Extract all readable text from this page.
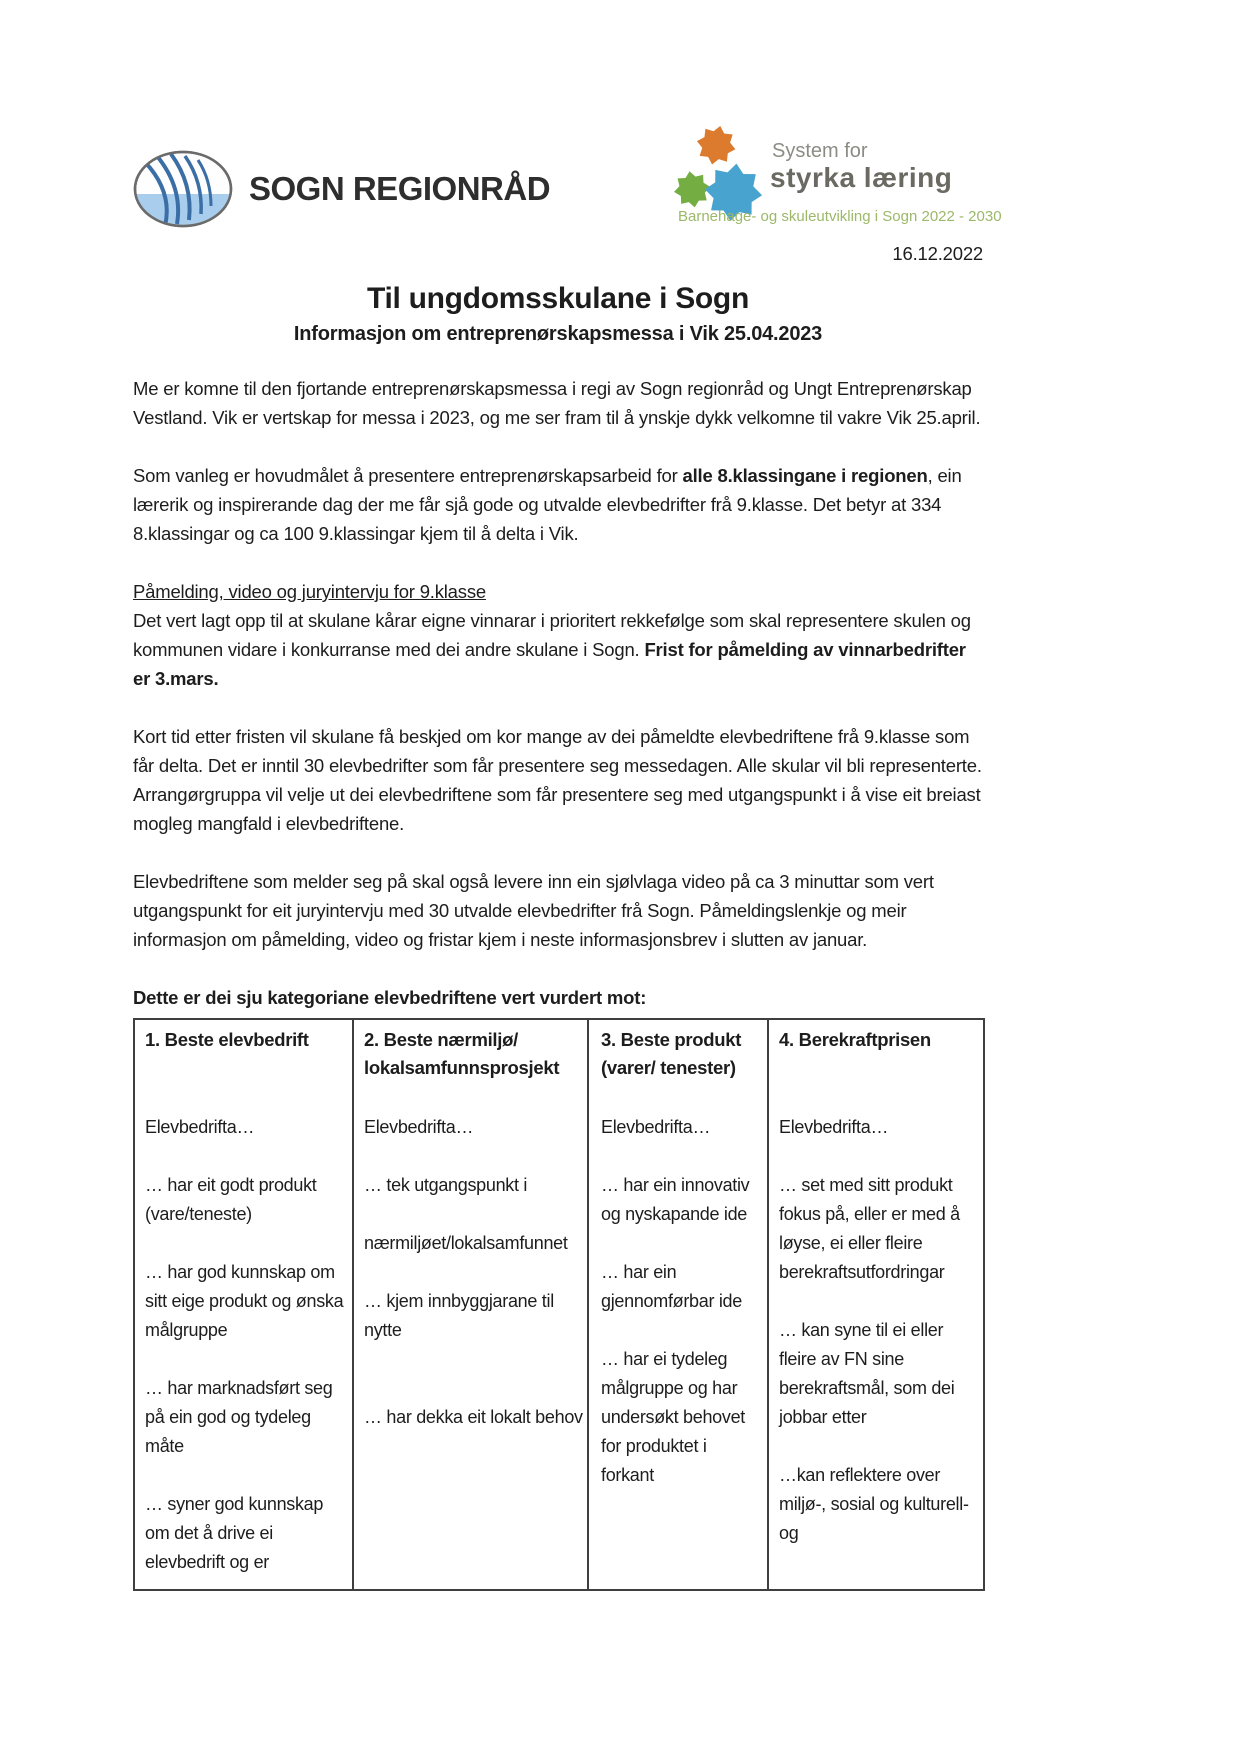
SOGN REGIONRÅD
System for
styrka læring
Barnehage- og skuleutvikling i Sogn 2022 - 2030
16.12.2022
Til ungdomsskulane i Sogn
Informasjon om entreprenørskapsmessa i Vik 25.04.2023

Me er komne til den fjortande entreprenørskapsmessa i regi av Sogn regionråd og Ungt Entreprenørskap Vestland. Vik er vertskap for messa i 2023, og me ser fram til å ynskje dykk velkomne til vakre Vik 25.april.

Som vanleg er hovudmålet å presentere entreprenørskapsarbeid for alle 8.klassingane i regionen, ein lærerik og inspirerande dag der me får sjå gode og utvalde elevbedrifter frå 9.klasse. Det betyr at 334 8.klassingar og ca 100 9.klassingar kjem til å delta i Vik.

Påmelding, video og juryintervju for 9.klasse

Det vert lagt opp til at skulane kårar eigne vinnarar i prioritert rekkefølge som skal representere skulen og kommunen vidare i konkurranse med dei andre skulane i Sogn. Frist for påmelding av vinnarbedrifter er 3.mars.

Kort tid etter fristen vil skulane få beskjed om kor mange av dei påmeldte elevbedriftene frå 9.klasse som får delta. Det er inntil 30 elevbedrifter som får presentere seg messedagen. Alle skular vil bli representerte. Arrangørgruppa vil velje ut dei elevbedriftene som får presentere seg med utgangspunkt i å vise eit breiast mogleg mangfald i elevbedriftene.

Elevbedriftene som melder seg på skal også levere inn ein sjølvlaga video på ca 3 minuttar som vert utgangspunkt for eit juryintervju med 30 utvalde elevbedrifter frå Sogn. Påmeldingslenkje og meir informasjon om påmelding, video og fristar kjem i neste informasjonsbrev i slutten av januar.

Dette er dei sju kategoriane elevbedriftene vert vurdert mot:
1. Beste elevbedrift

Elevbedrifta…

… har eit godt produkt (vare/teneste)

… har god kunnskap om sitt eige produkt og ønska målgruppe

… har marknadsført seg på ein god og tydeleg måte

… syner god kunnskap om det å drive ei elevbedrift og er

2. Beste nærmiljø/ lokalsamfunnsprosjekt

Elevbedrifta…

… tek utgangspunkt i

nærmiljøet/lokalsamfunnet

… kjem innbyggjarane til nytte

… har dekka eit lokalt behov

3. Beste produkt (varer/ tenester)

Elevbedrifta…

… har ein innovativ og nyskapande ide

… har ein gjennomførbar ide

… har ei tydeleg målgruppe og har undersøkt behovet for produktet i forkant

4. Berekraftprisen

Elevbedrifta…

… set med sitt produkt fokus på, eller er med å løyse, ei eller fleire berekraftsutfordringar

… kan syne til ei eller fleire av FN sine berekraftsmål, som dei jobbar etter

…kan reflektere over miljø-, sosial og kulturell- og
